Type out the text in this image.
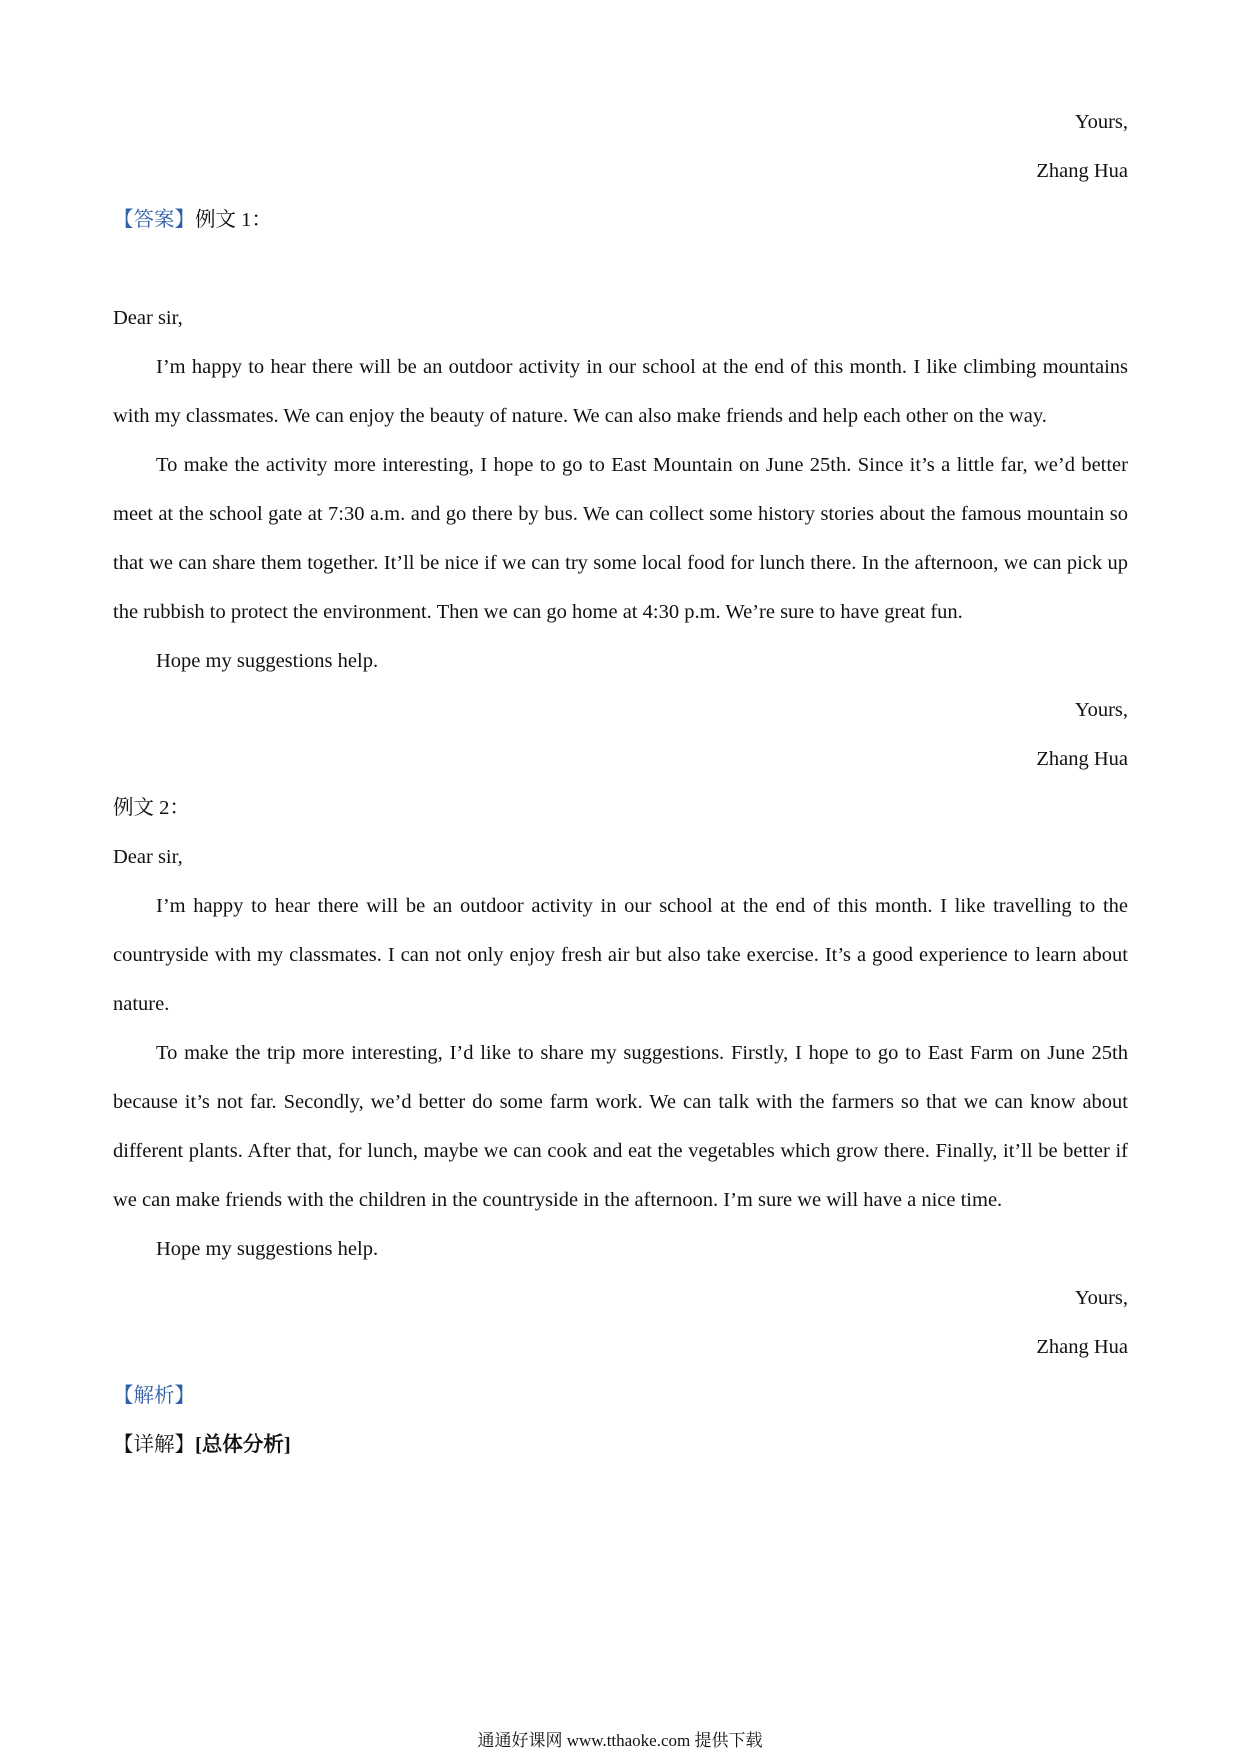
Yours,
Zhang Hua
【答案】例文 1：
Dear sir,
I’m happy to hear there will be an outdoor activity in our school at the end of this month. I like climbing mountains with my classmates. We can enjoy the beauty of nature. We can also make friends and help each other on the way.
To make the activity more interesting, I hope to go to East Mountain on June 25th. Since it’s a little far, we’d better meet at the school gate at 7:30 a.m. and go there by bus. We can collect some history stories about the famous mountain so that we can share them together. It’ll be nice if we can try some local food for lunch there. In the afternoon, we can pick up the rubbish to protect the environment. Then we can go home at 4:30 p.m. We’re sure to have great fun.
Hope my suggestions help.
Yours,
Zhang Hua
例文 2：
Dear sir,
I’m happy to hear there will be an outdoor activity in our school at the end of this month. I like travelling to the countryside with my classmates. I can not only enjoy fresh air but also take exercise. It’s a good experience to learn about nature.
To make the trip more interesting, I’d like to share my suggestions. Firstly, I hope to go to East Farm on June 25th because it’s not far. Secondly, we’d better do some farm work. We can talk with the farmers so that we can know about different plants. After that, for lunch, maybe we can cook and eat the vegetables which grow there. Finally, it’ll be better if we can make friends with the children in the countryside in the afternoon. I’m sure we will have a nice time.
Hope my suggestions help.
Yours,
Zhang Hua
【解析】
【详解】[总体分析]
通通好课网 www.tthaoke.com 提供下载
